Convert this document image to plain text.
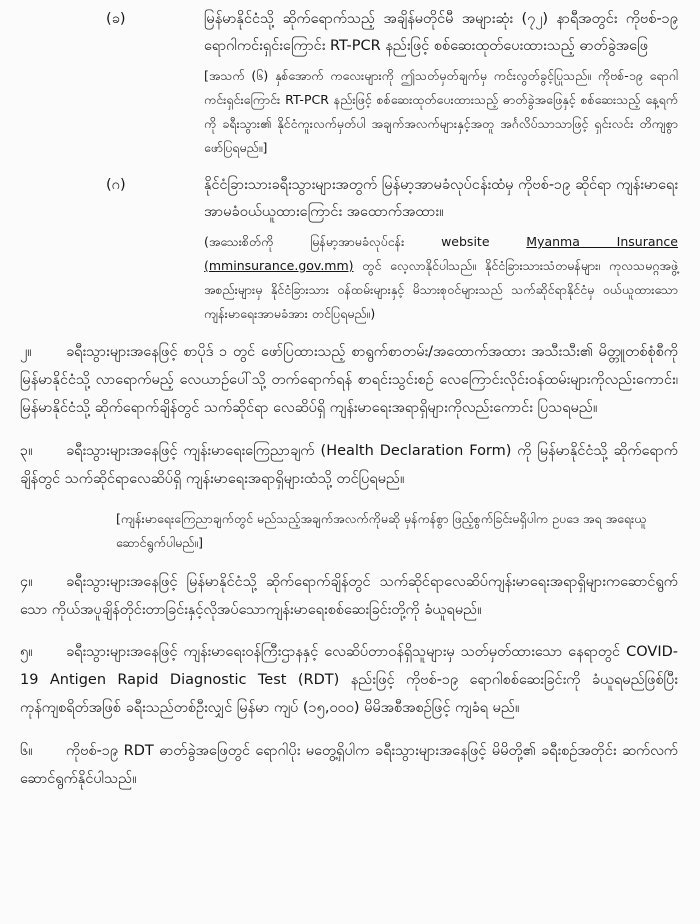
(ခ)	မြန်မာနိုင်ငံသို့ ဆိုက်ရောက်သည့် အချိန်မတိုင်မီ အများဆုံး (၇၂) နာရီအတွင်း ကိုဗစ်-၁၉ ရောဂါကင်းရှင်းကြောင်း RT-PCR နည်းဖြင့် စစ်ဆေးထုတ်ပေးထားသည့် ဓာတ်ခွဲအဖြေ

[အသက် (၆) နှစ်အောက် ကလေးများကို ဤသတ်မှတ်ချက်မှ ကင်းလွတ်ခွင့်ပြုသည်။ ကိုဗစ်-၁၉ ရောဂါကင်းရှင်းကြောင်း RT-PCR နည်းဖြင့် စစ်ဆေးထုတ်ပေးထားသည့် ဓာတ်ခွဲအဖြေနှင့် စစ်ဆေးသည့် နေ့ရက်ကို ခရီးသွား၏ နိုင်ငံကူးလက်မှတ်ပါ အချက်အလက်များနှင့်အတူ အင်္ဂလိပ်သာသာဖြင့် ရှင်းလင်း တိကျစွာ ဖော်ပြရမည်။]

(ဂ)	နိုင်ငံခြားသားခရီးသွားများအတွက် မြန်မာ့အာမခံလုပ်ငန်းထံမှ ကိုဗစ်-၁၉ ဆိုင်ရာ ကျန်းမာရေး အာမခံဝယ်ယူထားကြောင်း အထောက်အထား။

(အသေးစိတ်ကို မြန်မာ့အာမခံလုပ်ငန်း website	Myanma Insurance (mminsurance.gov.mm) တွင် လေ့လာနိုင်ပါသည်။ နိုင်ငံခြားသားသံတမန်များ၊ ကုလသမဂ္ဂအဖွဲ့အစည်းများမှ နိုင်ငံခြားသား ဝန်ထမ်းများနှင့် မိသားစုဝင်များသည် သက်ဆိုင်ရာနိုင်ငံမှ ဝယ်ယူထားသော ကျန်းမာရေးအာမခံအား တင်ပြရမည်။)

၂။ ခရီးသွားများအနေဖြင့် စာပိုဒ် ၁ တွင် ဖော်ပြထားသည့် စာရွက်စာတမ်း/အထောက်အထား အသီးသီး၏ မိတ္တူတစ်စုံစီကို မြန်မာနိုင်ငံသို့ လာရောက်မည့် လေယာဉ်ပေါ်သို့ တက်ရောက်ရန် စာရင်းသွင်းစဉ် လေကြောင်းလိုင်းဝန်ထမ်းများကိုလည်းကောင်း၊ မြန်မာနိုင်ငံသို့ ဆိုက်ရောက်ချိန်တွင် သက်ဆိုင်ရာ လေဆိပ်ရှိ ကျန်းမာရေးအရာရှိများကိုလည်းကောင်း ပြသရမည်။

၃။ ခရီးသွားများအနေဖြင့် ကျန်းမာရေးကြေညာချက် (Health Declaration Form) ကို မြန်မာနိုင်ငံသို့ ဆိုက်ရောက်ချိန်တွင် သက်ဆိုင်ရာလေဆိပ်ရှိ ကျန်းမာရေးအရာရှိများထံသို့ တင်ပြရမည်။

[ကျန်းမာရေးကြေညာချက်တွင် မည်သည့်အချက်အလက်ကိုမဆို မှန်ကန်စွာ ဖြည့်စွက်ခြင်းမရှိပါက ဥပဒေ အရ အရေးယူဆောင်ရွက်ပါမည်။]

၄။ ခရီးသွားများအနေဖြင့် မြန်မာနိုင်ငံသို့ ဆိုက်ရောက်ချိန်တွင် သက်ဆိုင်ရာလေဆိပ်ကျန်းမာရေးအရာရှိများကဆောင်ရွက်သော ကိုယ်အပူချိန်တိုင်းတာခြင်းနှင့်လိုအပ်သောကျန်းမာရေးစစ်ဆေးခြင်းတို့ကို ခံယူရမည်။

၅။ ခရီးသွားများအနေဖြင့် ကျန်းမာရေးဝန်ကြီးဌာနနှင့် လေဆိပ်တာဝန်ရှိသူများမှ သတ်မှတ်ထားသော နေရာတွင် COVID-19 Antigen Rapid Diagnostic Test (RDT) နည်းဖြင့် ကိုဗစ်-၁၉ ရောဂါစစ်ဆေးခြင်းကို ခံယူရမည်ဖြစ်ပြီး ကုန်ကျစရိတ်အဖြစ် ခရီးသည်တစ်ဦးလျှင် မြန်မာ ကျပ် (၁၅,၀၀၀) မိမိအစီအစဉ်ဖြင့် ကျခံရ မည်။

၆။ ကိုဗစ်-၁၉ RDT ဓာတ်ခွဲအဖြေတွင် ရောဂါပိုး မတွေ့ရှိပါက ခရီးသွားများအနေဖြင့် မိမိတို့၏ ခရီးစဉ်အတိုင်း ဆက်လက်ဆောင်ရွက်နိုင်ပါသည်။
